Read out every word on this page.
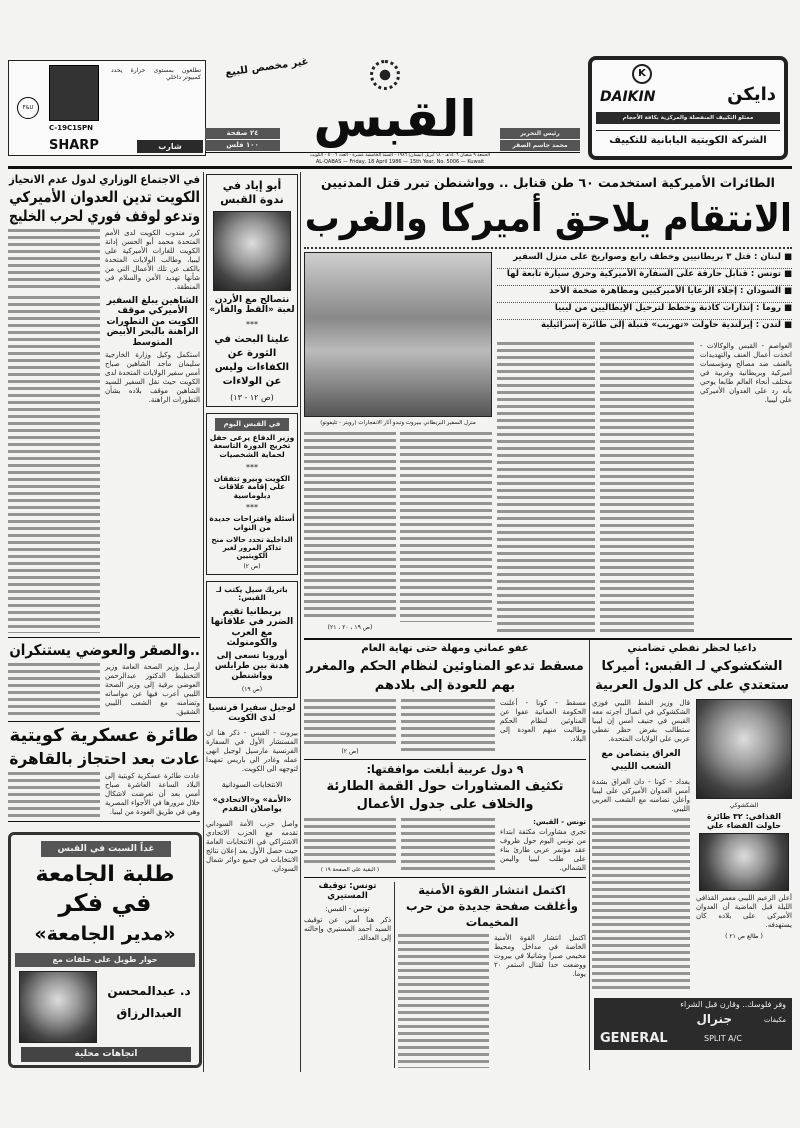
تطلعون بمستوى حرارة يحدد كمبيوتر داخلي
C-19C1SPN
F&U
SHARP	شارب
٢٤ صفحة
١٠٠ فلس
غير مخصص للبيع
القبس	رئيس التحرير
محمد جاسم الصقر
الجمعة ٩ شعبان ١٤٠٦هـ - ١٨ أبريل (نيسان) ١٩٨٦ - السنة الخامسة عشرة - العدد ٥٠٠٦ - الكويت
AL-QABAS — Friday, 18 April 1986 — 15th Year, No. 5006 — Kuwait
K
DAIKIN	دايكن
ممثلو التكييف المنفصلة والمركزية بكافة الأحجام
الشركة الكويتية اليابانية للتكييف
في الاجتماع الوزاري لدول عدم الانحياز
الكويت تدين العدوان الأميركي
وتدعو لوقف فوري لحرب الخليج
كرر مندوب الكويت لدى الأمم المتحدة محمد أبو الحسن إدانة الكويت للغارات الأميركية على ليبيا، وطالب الولايات المتحدة بالكف عن تلك الأعمال التي من شأنها تهديد الأمن والسلام في المنطقة.
الشاهين يبلغ السفير الأميركي موقف الكويت من التطورات الراهنة بالبحر الأبيض المتوسط
استكمل وكيل وزارة الخارجية سليمان ماجد الشاهين صباح أمس سفير الولايات المتحدة لدى الكويت حيث نقل السفير للسيد الشاهين موقف بلاده بشأن التطورات الراهنة.
..والصقر والعوضي يستنكران
أرسل وزير الصحة العامة وزير التخطيط الدكتور عبدالرحمن العوضي برقية إلى وزير الصحة الليبي أعرب فيها عن مواساته وتضامنه مع الشعب الليبي الشقيق.
طائرة عسكرية كويتية
عادت بعد احتجاز بالقاهرة
عادت طائرة عسكرية كويتية إلى البلاد الساعة العاشرة صباح أمس بعد أن تعرضت لاشكال خلال مرورها في الأجواء المصرية وهي في طريق العودة من ليبيا.
غداً السبت في القبس
طلبة الجامعة
في فكر
«مدير الجامعة»
حوار طويل على حلقات مع
د. عبدالمحسن
العبدالرزاق
اتجاهات محلية
أبو إياد في ندوة القبس
نتصالح مع الأردن لعبة «القط والفأر»
***
علينا البحث في الثورة عن الكفاءات وليس عن الولاءات
(ص ١٢ - ١٣)
في القبس اليوم
وزير الدفاع يرعى حفل تخريج الدورة التاسعة لحماية الشخصيات
***
الكويت وبيرو تتفقان على إقامة علاقات دبلوماسية
***
أسئلة واقتراحات جديدة من النواب
الداخلية تحدد حالات منح تذاكر المرور لغير الكويتيين
(ص ٢)
باتريك سيل يكتب لـ القبس:
بريطانيا تقيم الضرر في علاقاتها مع العرب والكومنولث
أوروبا تسعى إلى هدنة بين طرابلس وواشنطن
(ص ١٩)
لوجيل سفيرا فرنسيا لدى الكويت
بيروت - القبس - ذكر هنا ان المستشار الأول في السفارة الفرنسية مارسيل لوجيل انهى عمله وغادر الى باريس تمهيدا لتوجهه الى الكويت.
الانتخابات السودانية
«الأمة» و«الاتحادي» يواصلان التقدم
واصل حزب الأمة السوداني تقدمه مع الحزب الاتحادي الاشتراكي في الانتخابات العامة حيث حصل الأول بعد إعلان نتائج الانتخابات في جميع دوائر شمال السودان.
الطائرات الأميركية استخدمت ٦٠ طن قنابل .. وواشنطن تبرر قتل المدنيين
الانتقام يلاحق أميركا والغرب
منزل السفير البريطاني ببيروت وتبدو آثار الانفجارات (رويتر - تليفوتو)
■ لبنان : قتل ٣ بريطانيين وخطف رابع وصواريخ على منزل السفير
■ تونس : قنابل حارقة على السفارة الأميركية وحرق سيارة تابعة لها
■ السودان : إجلاء الرعايا الأميركيين ومظاهرة ضخمة الأحد
■ روما : إنذارات كاذبة وخطط لترحيل الإيطاليين من ليبيا
■ لندن : إيرلندية حاولت «تهريب» قنبلة إلى طائرة إسرائيلية
العواصم - القبس والوكالات - اتخذت أعمال العنف والتهديدات بالعنف ضد مصالح ومؤسسات أميركية وبريطانية وغربية في مختلف أنحاء العالم طابعا يوحي بأنه رد على العدوان الأميركي على ليبيا.
(ص ١٩ ، ٢٠ ، ٢١)
عفو عماني ومهلة حتى نهاية العام
مسقط تدعو المناوئين لنظام الحكم والمغرر بهم للعودة إلى بلادهم
مسقط - كونا - أعلنت الحكومة العمانية عفوا عن المناوئين لنظام الحكم وطالبت منهم العودة إلى البلاد.
(ص ٢)
٩ دول عربية أبلغت موافقتها:
تكثيف المشاورات حول القمة الطارئة والخلاف على جدول الأعمال
تونس - القبس:
تجري مشاورات مكثفة ابتداء من تونس اليوم حول ظروف عقد مؤتمر عربي طارئ بناء على طلب ليبيا واليمن الشمالي.
( البقية على الصفحة ١٩ )
اكتمل انتشار القوة الأمنية وأغلقت صفحة جديدة من حرب المخيمات
اكتمل انتشار القوة الأمنية الخاصة في مداخل ومحيط مخيمي صبرا وشاتيلا في بيروت ووضعت حدا لقتال استمر ٢٠ يوما.
تونس: توقيف المستيري
تونس - القبس:
ذكر هنا أمس عن توقيف السيد أحمد المستيري وإحالته إلى العدالة.
داعيا لحظر نفطي تضامني
الشكشوكي لـ القبس: أميركا ستعتدي على كل الدول العربية
الشكشوكي
القذافي: ٣٢ طائرة حاولت القضاء علي
أعلن الزعيم الليبي معمر القذافي الليلة قبل الماضية أن العدوان الأميركي على بلاده كان يستهدفه.
( طالع ص ٢١ )
قال وزير النفط الليبي فوزي الشكشوكي في اتصال أجرته معه القبس في جنيف أمس إن ليبيا ستطالب بفرض حظر نفطي عربي على الولايات المتحدة.
العراق يتضامن مع الشعب الليبي
بغداد - كونا - دان العراق بشدة أمس العدوان الأميركي على ليبيا وأعلن تضامنه مع الشعب العربي الليبي.
وفر فلوسك.. وقارن قبل الشراء
مكيفات
جنرال
GENERAL	SPLIT A/C
